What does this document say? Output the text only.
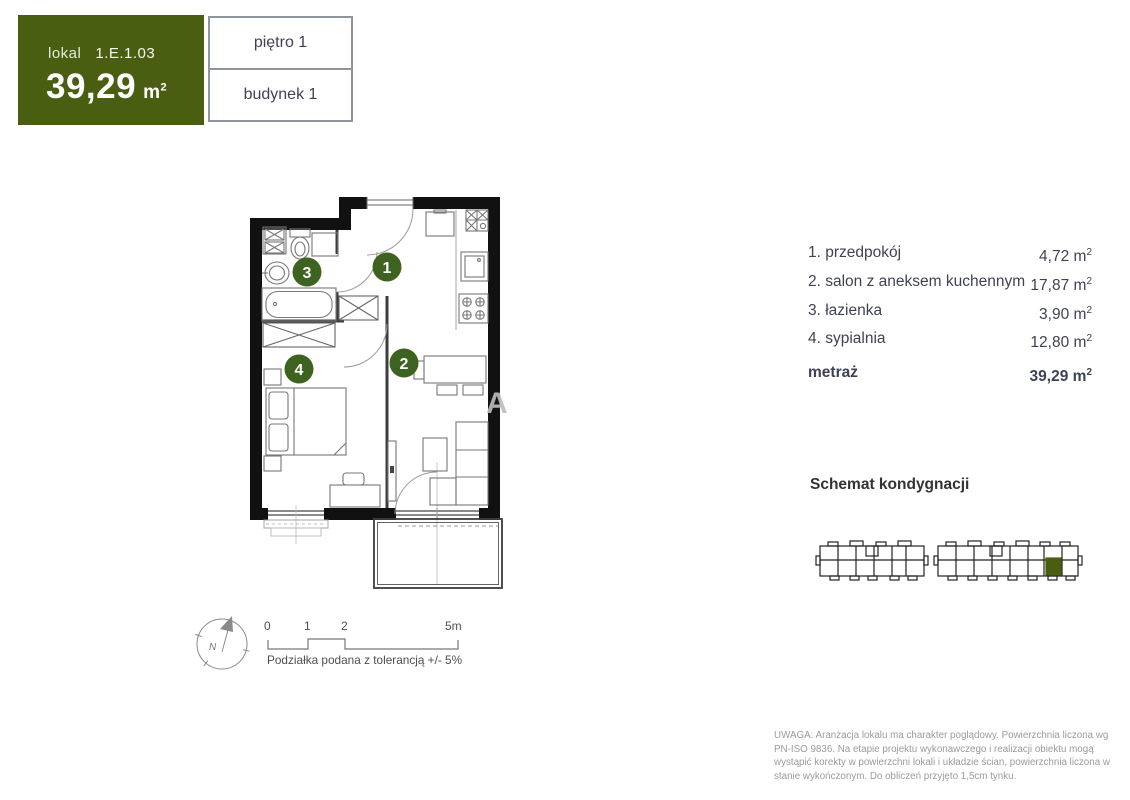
lokal 1.E.1.03
39,29 $m^2$
piętro 1
budynek 1
1
2
3
4
A
N
0	1	2	5m
Podziałka podana z tolerancją +/- 5%
1. przedpokój	4,72 $m^2$
2. salon z aneksem kuchennym 17,87 $m^2$
3. łazienka	3,90 $m^2$
4. sypialnia	12,80 $m^2$
metraż	39,29 $m^2$
Schemat kondygnacji
UWAGA: Aranżacja lokalu ma charakter poglądowy. Powierzchnia liczona wg PN-ISO 9836. Na etapie projektu wykonawczego i realizacji obiektu mogą wystąpić korekty w powierzchni lokali i układzie ścian, powierzchnia liczona w stanie wykończonym. Do obliczeń przyjęto 1,5cm tynku.
